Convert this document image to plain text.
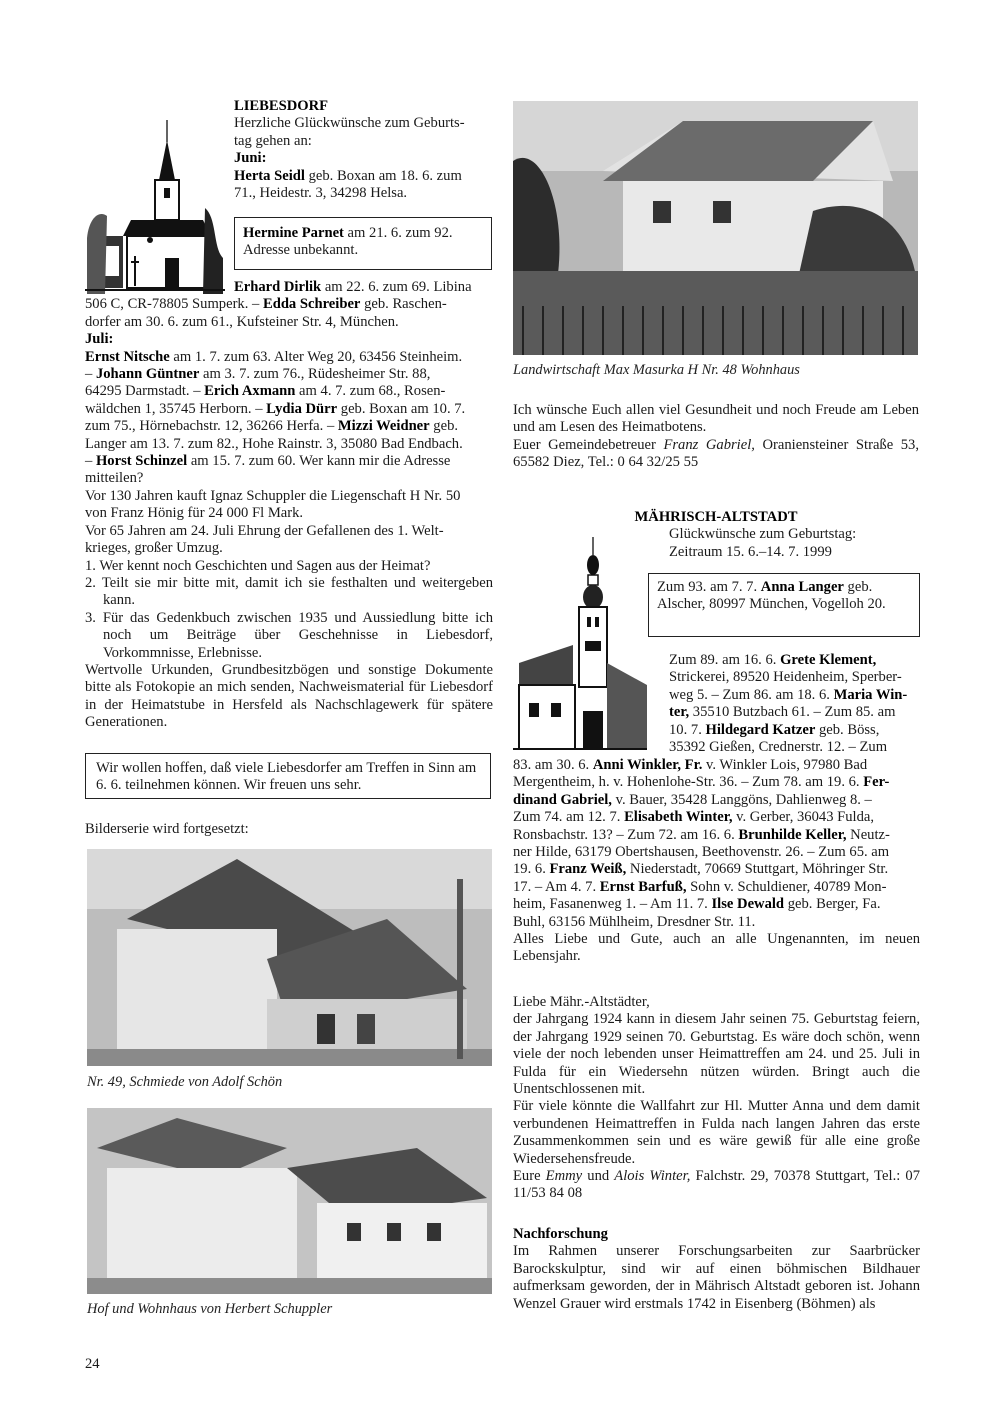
LIEBESDORF
Herzliche Glückwünsche zum Geburts-
tag gehen an:
Juni:
Herta Seidl geb. Boxan am 18. 6. zum
71., Heidestr. 3, 34298 Helsa.
Hermine Parnet am 21. 6. zum 92.
Adresse unbekannt.
Erhard Dirlik am 22. 6. zum 69. Libina
506 C, CR-78805 Sumperk. – Edda Schreiber geb. Raschen-
dorfer am 30. 6. zum 61., Kufsteiner Str. 4, München.
Juli:
Ernst Nitsche am 1. 7. zum 63. Alter Weg 20, 63456 Steinheim.
– Johann Güntner am 3. 7. zum 76., Rüdesheimer Str. 88,
64295 Darmstadt. – Erich Axmann am 4. 7. zum 68., Rosen-
wäldchen 1, 35745 Herborn. – Lydia Dürr geb. Boxan am 10. 7.
zum 75., Hörnebachstr. 12, 36266 Herfa. – Mizzi Weidner geb.
Langer am 13. 7. zum 82., Hohe Rainstr. 3, 35080 Bad Endbach.
– Horst Schinzel am 15. 7. zum 60. Wer kann mir die Adresse
mitteilen?
Vor 130 Jahren kauft Ignaz Schuppler die Liegenschaft H Nr. 50
von Franz Hönig für 24 000 Fl Mark.
Vor 65 Jahren am 24. Juli Ehrung der Gefallenen des 1. Welt-
krieges, großer Umzug.
1. Wer kennt noch Geschichten und Sagen aus der Heimat?
2. Teilt sie mir bitte mit, damit ich sie festhalten und weitergeben kann.
3. Für das Gedenkbuch zwischen 1935 und Aussiedlung bitte ich noch um Beiträge über Geschehnisse in Liebesdorf, Vorkommnisse, Erlebnisse.
Wertvolle Urkunden, Grundbesitzbögen und sonstige Dokumente bitte als Fotokopie an mich senden, Nachweismaterial für Liebesdorf in der Heimatstube in Hersfeld als Nachschlagewerk für spätere Generationen.
Wir wollen hoffen, daß viele Liebesdorfer am Treffen in Sinn am 6. 6. teilnehmen können. Wir freuen uns sehr.
Bilderserie wird fortgesetzt:
Nr. 49, Schmiede von Adolf Schön
Hof und Wohnhaus von Herbert Schuppler
24
Landwirtschaft Max Masurka H Nr. 48 Wohnhaus
Ich wünsche Euch allen viel Gesundheit und noch Freude am Leben und am Lesen des Heimatbotens.
Euer Gemeindebetreuer Franz Gabriel, Oraniensteiner Straße 53, 65582 Diez, Tel.: 0 64 32/25 55
MÄHRISCH-ALTSTADT
Glückwünsche zum Geburtstag:
Zeitraum 15. 6.–14. 7. 1999
Zum 93. am 7. 7. Anna Langer geb. Alscher, 80997 München, Vogelloh 20.
Zum 89. am 16. 6. Grete Klement,
Strickerei, 89520 Heidenheim, Sperber-
weg 5. – Zum 86. am 18. 6. Maria Win-
ter, 35510 Butzbach 61. – Zum 85. am
10. 7. Hildegard Katzer geb. Böss,
35392 Gießen, Crednerstr. 12. – Zum
83. am 30. 6. Anni Winkler, Fr. v. Winkler Lois, 97980 Bad
Mergentheim, h. v. Hohenlohe-Str. 36. – Zum 78. am 19. 6. Fer-
dinand Gabriel, v. Bauer, 35428 Langgöns, Dahlienweg 8. –
Zum 74. am 12. 7. Elisabeth Winter, v. Gerber, 36043 Fulda,
Ronsbachstr. 13? – Zum 72. am 16. 6. Brunhilde Keller, Neutz-
ner Hilde, 63179 Obertshausen, Beethovenstr. 26. – Zum 65. am
19. 6. Franz Weiß, Niederstadt, 70669 Stuttgart, Möhringer Str.
17. – Am 4. 7. Ernst Barfuß, Sohn v. Schuldiener, 40789 Mon-
heim, Fasanenweg 1. – Am 11. 7. Ilse Dewald geb. Berger, Fa.
Buhl, 63156 Mühlheim, Dresdner Str. 11.
Alles Liebe und Gute, auch an alle Ungenannten, im neuen Lebensjahr.
Liebe Mähr.-Altstädter,
der Jahrgang 1924 kann in diesem Jahr seinen 75. Geburtstag feiern, der Jahrgang 1929 seinen 70. Geburtstag. Es wäre doch schön, wenn viele der noch lebenden unser Heimattreffen am 24. und 25. Juli in Fulda für ein Wiedersehn nützen würden. Bringt auch die Unentschlossenen mit.
Für viele könnte die Wallfahrt zur Hl. Mutter Anna und dem damit verbundenen Heimattreffen in Fulda nach langen Jahren das erste Zusammenkommen sein und es wäre gewiß für alle eine große Wiedersehensfreude.
Eure Emmy und Alois Winter, Falchstr. 29, 70378 Stuttgart, Tel.: 07 11/53 84 08
Nachforschung
Im Rahmen unserer Forschungsarbeiten zur Saarbrücker Barockskulptur, sind wir auf einen böhmischen Bildhauer aufmerksam geworden, der in Mährisch Altstadt geboren ist. Johann Wenzel Grauer wird erstmals 1742 in Eisenberg (Böhmen) als
